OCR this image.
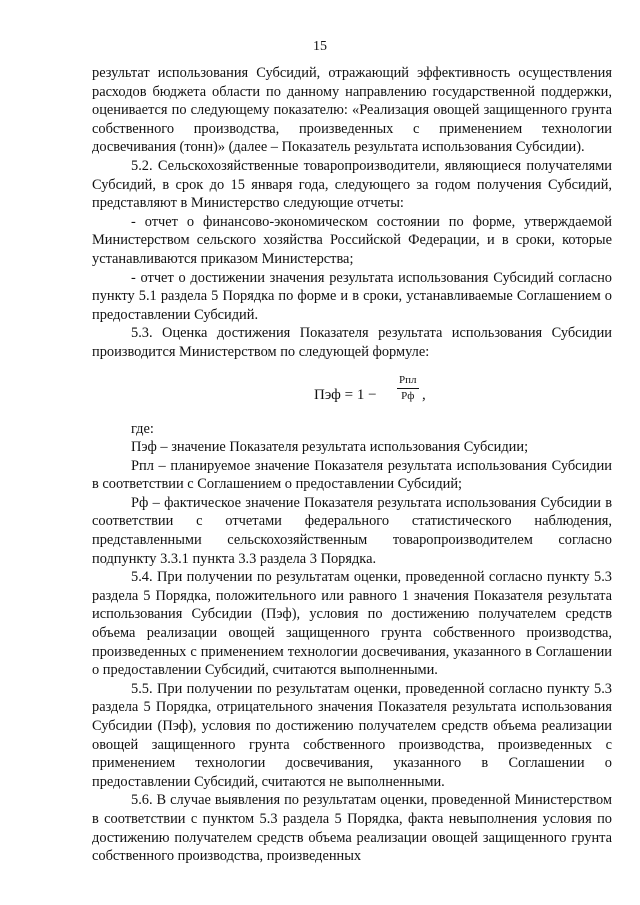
15

результат использования Субсидий, отражающий эффективность осуществления расходов бюджета области по данному направлению государственной поддержки, оценивается по следующему показателю: «Реализация овощей защищенного грунта собственного производства, произведенных с применением технологии досвечивания (тонн)» (далее – Показатель результата использования Субсидии).

5.2. Сельскохозяйственные товаропроизводители, являющиеся получателями Субсидий, в срок до 15 января года, следующего за годом получения Субсидий, представляют в Министерство следующие отчеты:

- отчет о финансово-экономическом состоянии по форме, утверждаемой Министерством сельского хозяйства Российской Федерации, и в сроки, которые устанавливаются приказом Министерства;

- отчет о достижении значения результата использования Субсидий согласно пункту 5.1 раздела 5 Порядка по форме и в сроки, устанавливаемые Соглашением о предоставлении Субсидий.

5.3. Оценка достижения Показателя результата использования Субсидии производится Министерством по следующей формуле:

Пэф = 1 −
Рпл
Рф ,

где:

Пэф – значение Показателя результата использования Субсидии;

Рпл – планируемое значение Показателя результата использования Субсидии в соответствии с Соглашением о предоставлении Субсидий;

Рф – фактическое значение Показателя результата использования Субсидии в соответствии с отчетами федерального статистического наблюдения, представленными сельскохозяйственным товаропроизводителем согласно подпункту 3.3.1 пункта 3.3 раздела 3 Порядка.

5.4. При получении по результатам оценки, проведенной согласно пункту 5.3 раздела 5 Порядка, положительного или равного 1 значения Показателя результата использования Субсидии (Пэф), условия по достижению получателем средств объема реализации овощей защищенного грунта собственного производства, произведенных с применением технологии досвечивания, указанного в Соглашении о предоставлении Субсидий, считаются выполненными.

5.5. При получении по результатам оценки, проведенной согласно пункту 5.3 раздела 5 Порядка, отрицательного значения Показателя результата использования Субсидии (Пэф), условия по достижению получателем средств объема реализации овощей защищенного грунта собственного производства, произведенных с применением технологии досвечивания, указанного в Соглашении о предоставлении Субсидий, считаются не выполненными.

5.6. В случае выявления по результатам оценки, проведенной Министерством в соответствии с пунктом 5.3 раздела 5 Порядка, факта невыполнения условия по достижению получателем средств объема реализации овощей защищенного грунта собственного производства, произведенных
